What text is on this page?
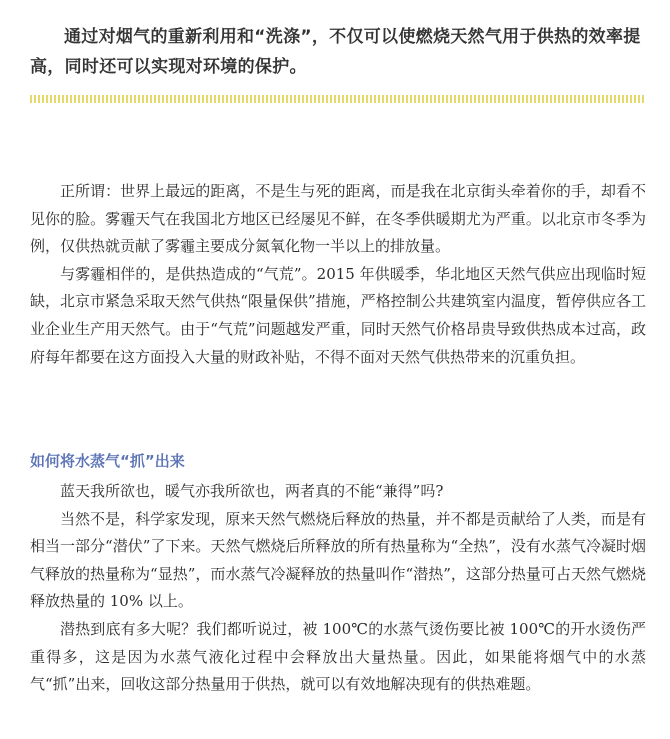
通过对烟气的重新利用和“洗涤”，不仅可以使燃烧天然气用于供热的效率提高，同时还可以实现对环境的保护。

正所谓：世界上最远的距离，不是生与死的距离，而是我在北京街头牵着你的手，却看不见你的脸。雾霾天气在我国北方地区已经屡见不鲜，在冬季供暖期尤为严重。以北京市冬季为例，仅供热就贡献了雾霾主要成分氮氧化物一半以上的排放量。

与雾霾相伴的，是供热造成的“气荒”。2015 年供暖季，华北地区天然气供应出现临时短缺，北京市紧急采取天然气供热“限量保供”措施，严格控制公共建筑室内温度，暂停供应各工业企业生产用天然气。由于“气荒”问题越发严重，同时天然气价格昂贵导致供热成本过高，政府每年都要在这方面投入大量的财政补贴，不得不面对天然气供热带来的沉重负担。

如何将水蒸气“抓”出来

蓝天我所欲也，暖气亦我所欲也，两者真的不能“兼得”吗?

当然不是，科学家发现，原来天然气燃烧后释放的热量，并不都是贡献给了人类，而是有相当一部分“潜伏”了下来。天然气燃烧后所释放的所有热量称为“全热”，没有水蒸气冷凝时烟气释放的热量称为“显热”，而水蒸气冷凝释放的热量叫作“潜热”，这部分热量可占天然气燃烧释放热量的 10% 以上。

潜热到底有多大呢？我们都听说过，被 100℃的水蒸气烫伤要比被 100℃的开水烫伤严重得多，这是因为水蒸气液化过程中会释放出大量热量。因此，如果能将烟气中的水蒸气“抓”出来，回收这部分热量用于供热，就可以有效地解决现有的供热难题。
